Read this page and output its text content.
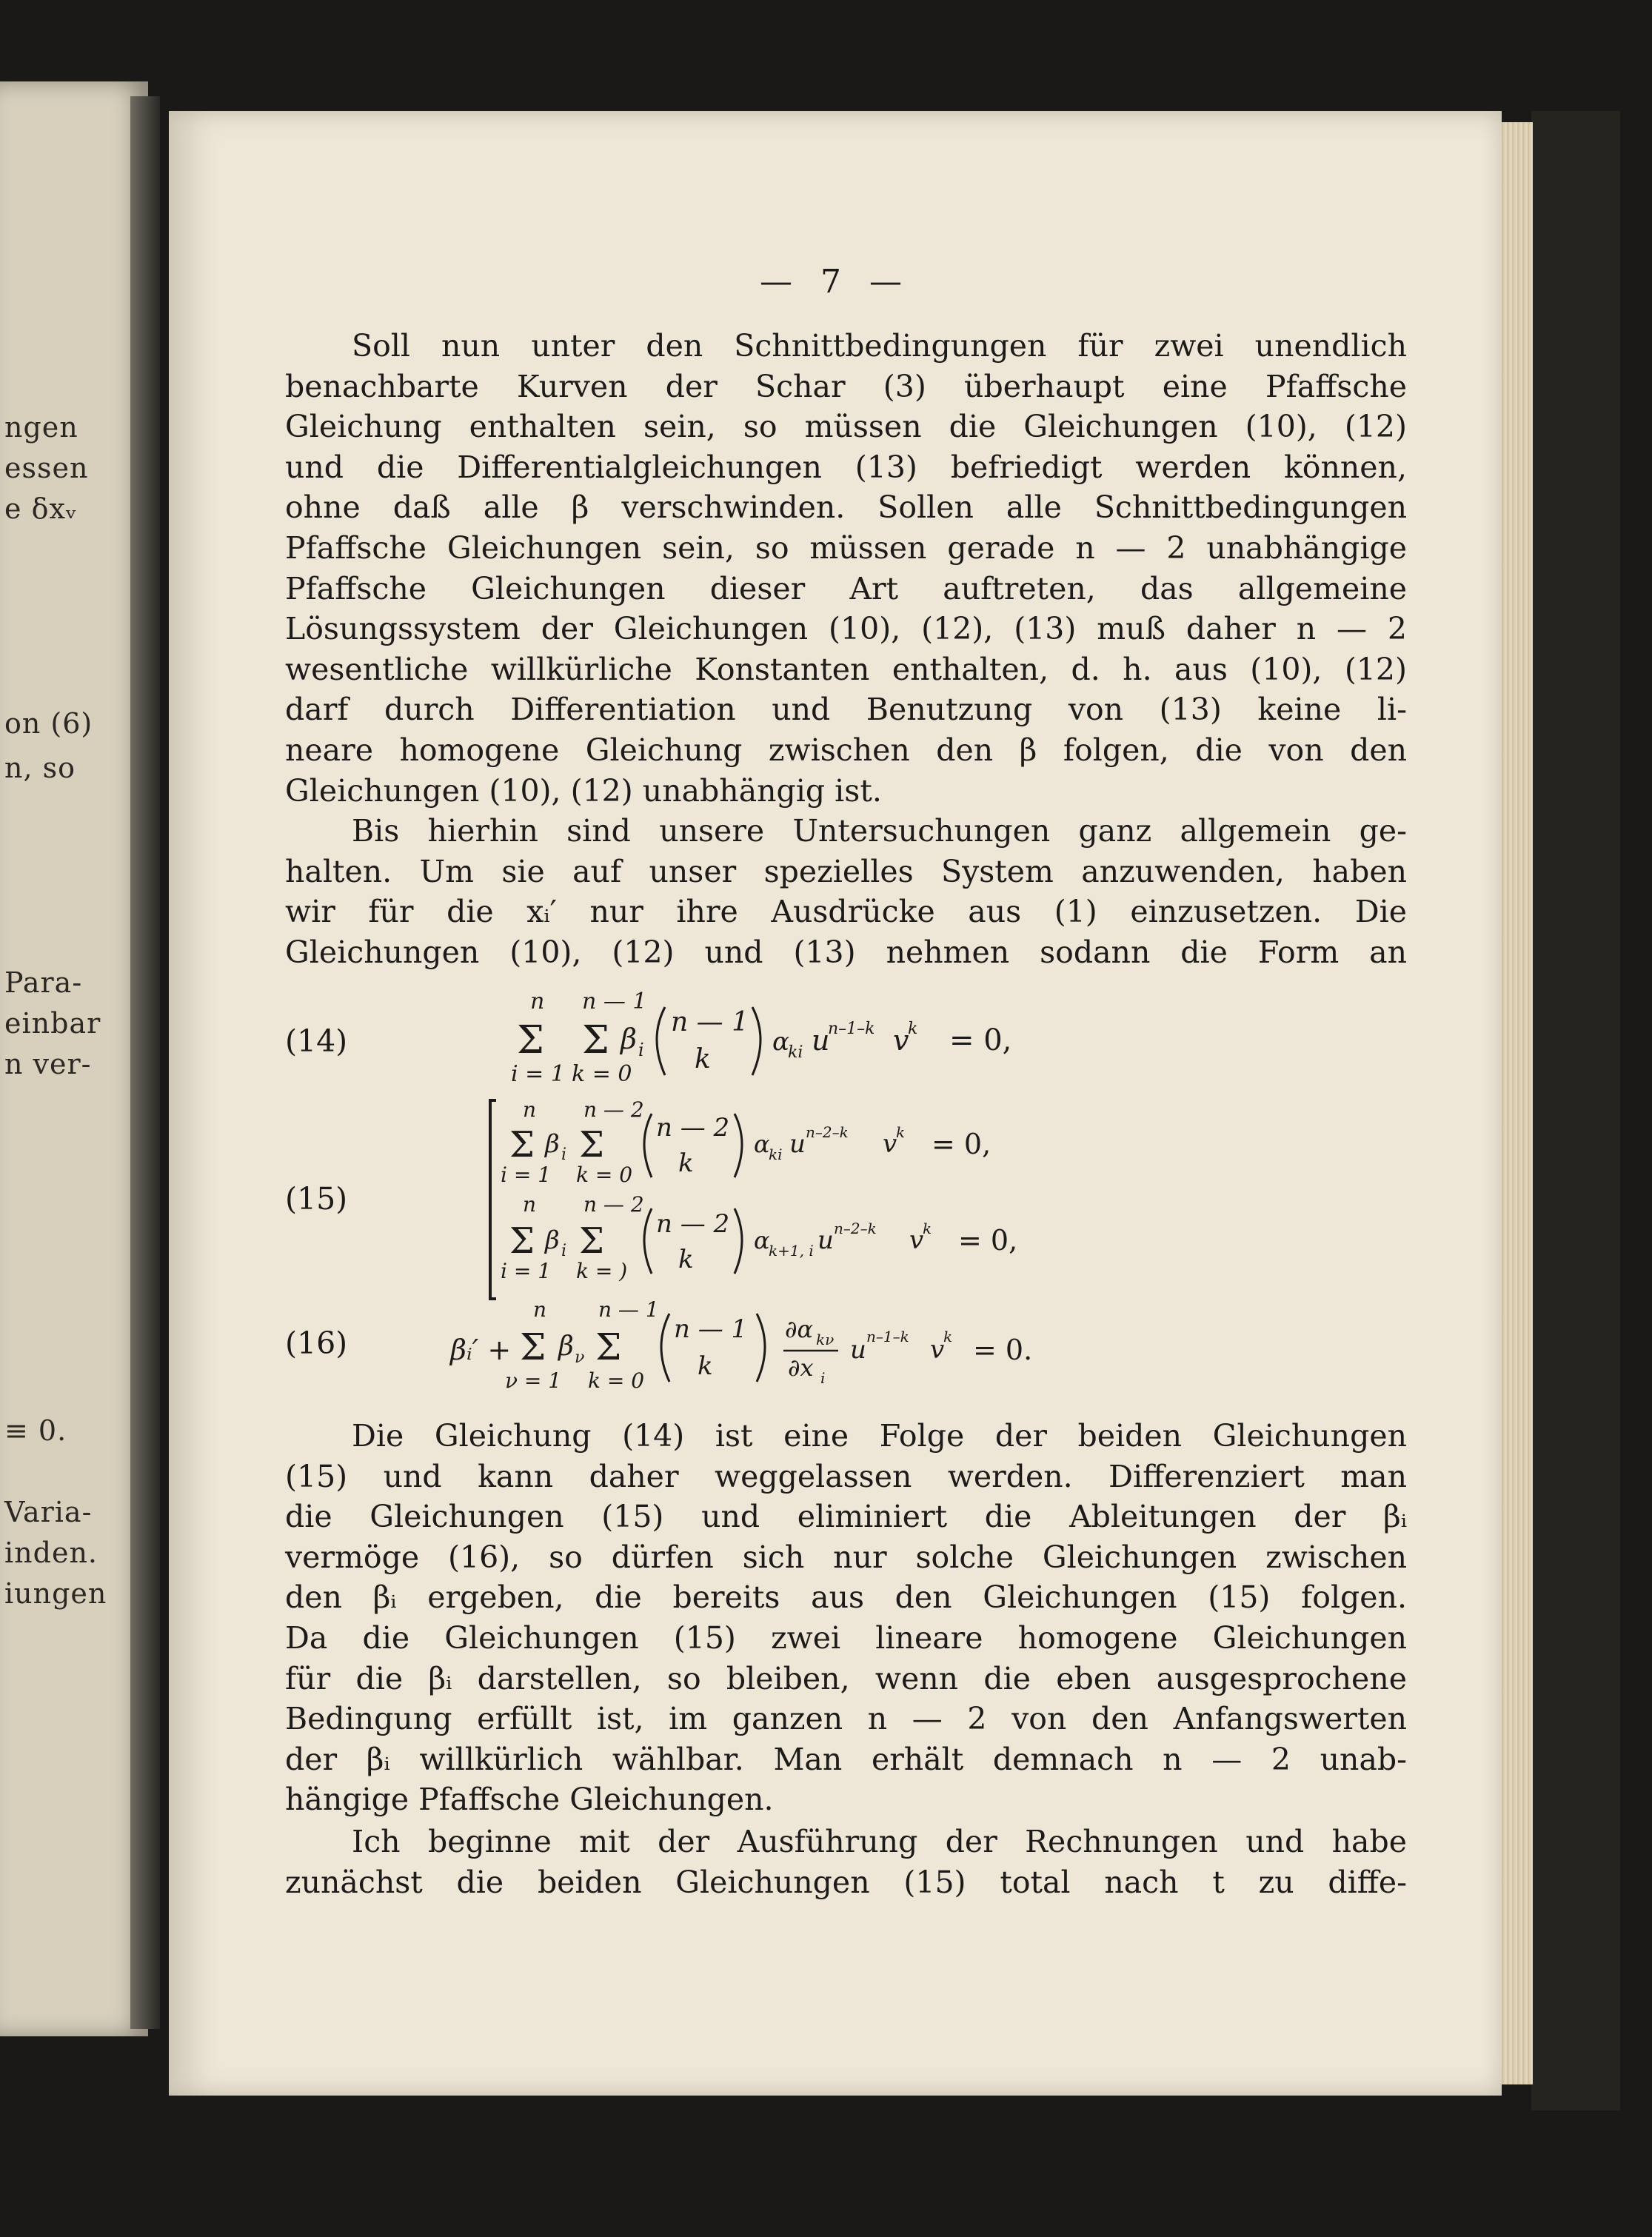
ngen
essen
e δxᵥ
on (6)
n, so
Para-
einbar
n ver-
≡ 0.
Varia-
inden.
iungen
— 7 —
Soll nun unter den Schnittbedingungen für zwei unendlich
benachbarte Kurven der Schar (3) überhaupt eine Pfaffsche
Gleichung enthalten sein, so müssen die Gleichungen (10), (12)
und die Differentialgleichungen (13) befriedigt werden können,
ohne daß alle β verschwinden. Sollen alle Schnittbedingungen
Pfaffsche Gleichungen sein, so müssen gerade n — 2 unabhängige
Pfaffsche Gleichungen dieser Art auftreten, das allgemeine
Lösungssystem der Gleichungen (10), (12), (13) muß daher n — 2
wesentliche willkürliche Konstanten enthalten, d. h. aus (10), (12)
darf durch Differentiation und Benutzung von (13) keine li-
neare homogene Gleichung zwischen den β folgen, die von den
Gleichungen (10), (12) unabhängig ist.
Bis hierhin sind unsere Untersuchungen ganz allgemein ge-
halten. Um sie auf unser spezielles System anzuwenden, haben
wir für die xᵢ′ nur ihre Ausdrücke aus (1) einzusetzen. Die
Gleichungen (10), (12) und (13) nehmen sodann die Form an
(14)
n
Σ
i = 1
n — 1
Σ
k = 0
β i
n — 1
k
α
ki u
n–1–k v
k = 0,
(15)
n
Σ
i = 1
β i
n — 2
Σ
k = 0
n — 2
k
α
ki u n–2–k v
k = 0,
n
Σ
i = 1
β i
n — 2
Σ
k = )
n — 2
k
α
k+1, i u n–2–k v
k = 0,
(16)	βᵢ′ +
n
Σ
ν = 1
β ν
n — 1
Σ
k = 0
n — 1
k
∂α kν
∂x i
u n–1–k v
k = 0.
Die Gleichung (14) ist eine Folge der beiden Gleichungen
(15) und kann daher weggelassen werden. Differenziert man
die Gleichungen (15) und eliminiert die Ableitungen der βᵢ
vermöge (16), so dürfen sich nur solche Gleichungen zwischen
den βᵢ ergeben, die bereits aus den Gleichungen (15) folgen.
Da die Gleichungen (15) zwei lineare homogene Gleichungen
für die βᵢ darstellen, so bleiben, wenn die eben ausgesprochene
Bedingung erfüllt ist, im ganzen n — 2 von den Anfangswerten
der βᵢ willkürlich wählbar. Man erhält demnach n — 2 unab-
hängige Pfaffsche Gleichungen.
Ich beginne mit der Ausführung der Rechnungen und habe
zunächst die beiden Gleichungen (15) total nach t zu diffe-
